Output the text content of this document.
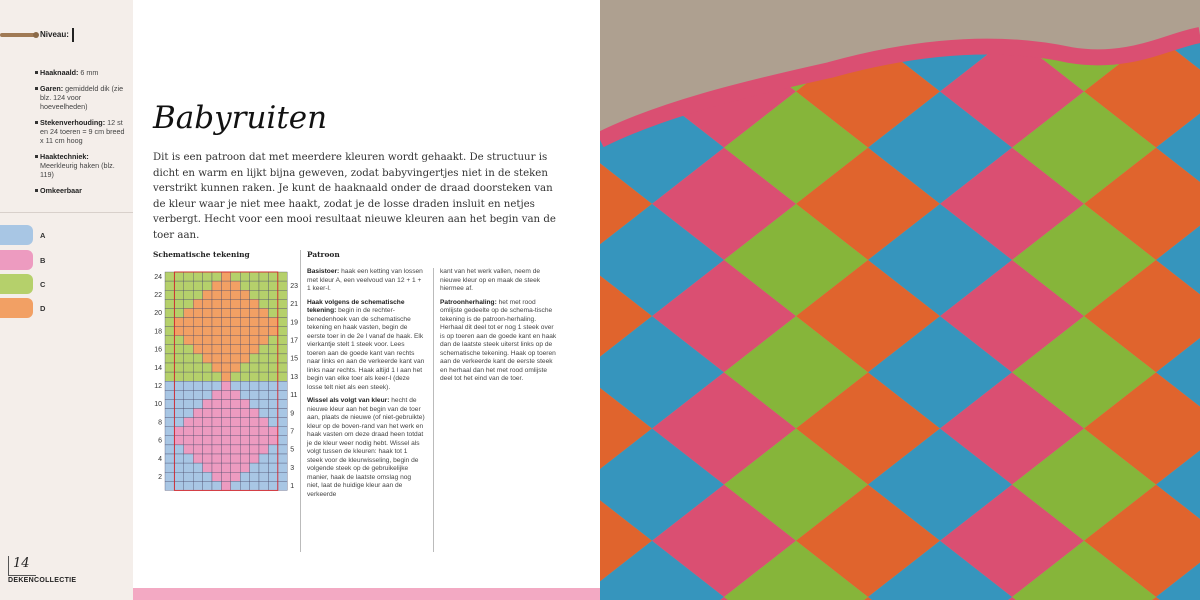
Niveau:
Haaknaald: 6 mm
Garen: gemiddeld dik (zie blz. 124 voor hoeveelheden)
Stekenverhouding: 12 st en 24 toeren = 9 cm breed x 11 cm hoog
Haaktechniek: Meerkleurig haken (blz. 119)
Omkeerbaar
A
B
C
D
14
DEKENCOLLECTIE
Babyruiten
Dit is een patroon dat met meerdere kleuren wordt gehaakt. De structuur is dicht en warm en lijkt bijna geweven, zodat babyvingertjes niet in de steken verstrikt kunnen raken. Je kunt de haaknaald onder de draad doorsteken van de kleur waar je niet mee haakt, zodat je de losse draden insluit en netjes verbergt. Hecht voor een mooi resultaat nieuwe kleuren aan het begin van de toer aan.
Schematische tekening	Patroon

Basistoer: haak een ketting van lossen met kleur A, een veelvoud van 12 + 1 + 1 keer-l.

Haak volgens de schematische tekening: begin in de rechter-benedenhoek van de schematische tekening en haak vasten, begin de eerste toer in de 2e l vanaf de haak. Elk vierkantje stelt 1 steek voor. Lees toeren aan de goede kant van rechts naar links en aan de verkeerde kant van links naar rechts. Haak altijd 1 l aan het begin van elke toer als keer-l (deze losse telt niet als een steek).

Wissel als volgt van kleur: hecht de nieuwe kleur aan het begin van de toer aan, plaats de nieuwe (of niet-gebruikte) kleur op de boven-rand van het werk en haak vasten om deze draad heen totdat je de kleur weer nodig hebt. Wissel als volgt tussen de kleuren: haak tot 1 steek voor de kleurwisseling, begin de volgende steek op de gebruikelijke manier, haak de laatste omslag nog niet, laat de huidige kleur aan de verkeerde

kant van het werk vallen, neem de nieuwe kleur op en maak de steek hiermee af.

Patroonherhaling: het met rood omlijste gedeelte op de schema-tische tekening is de patroon-herhaling. Herhaal dit deel tot er nog 1 steek over is op toeren aan de goede kant en haak dan de laatste steek uiterst links op de schematische tekening. Haak op toeren aan de verkeerde kant de eerste steek en herhaal dan het met rood omlijste deel tot het eind van de toer.

2
4
6
8
10
12
14
16
18
20
22
24
1
3
5
7
9
11
13
15
17
19
21
23
